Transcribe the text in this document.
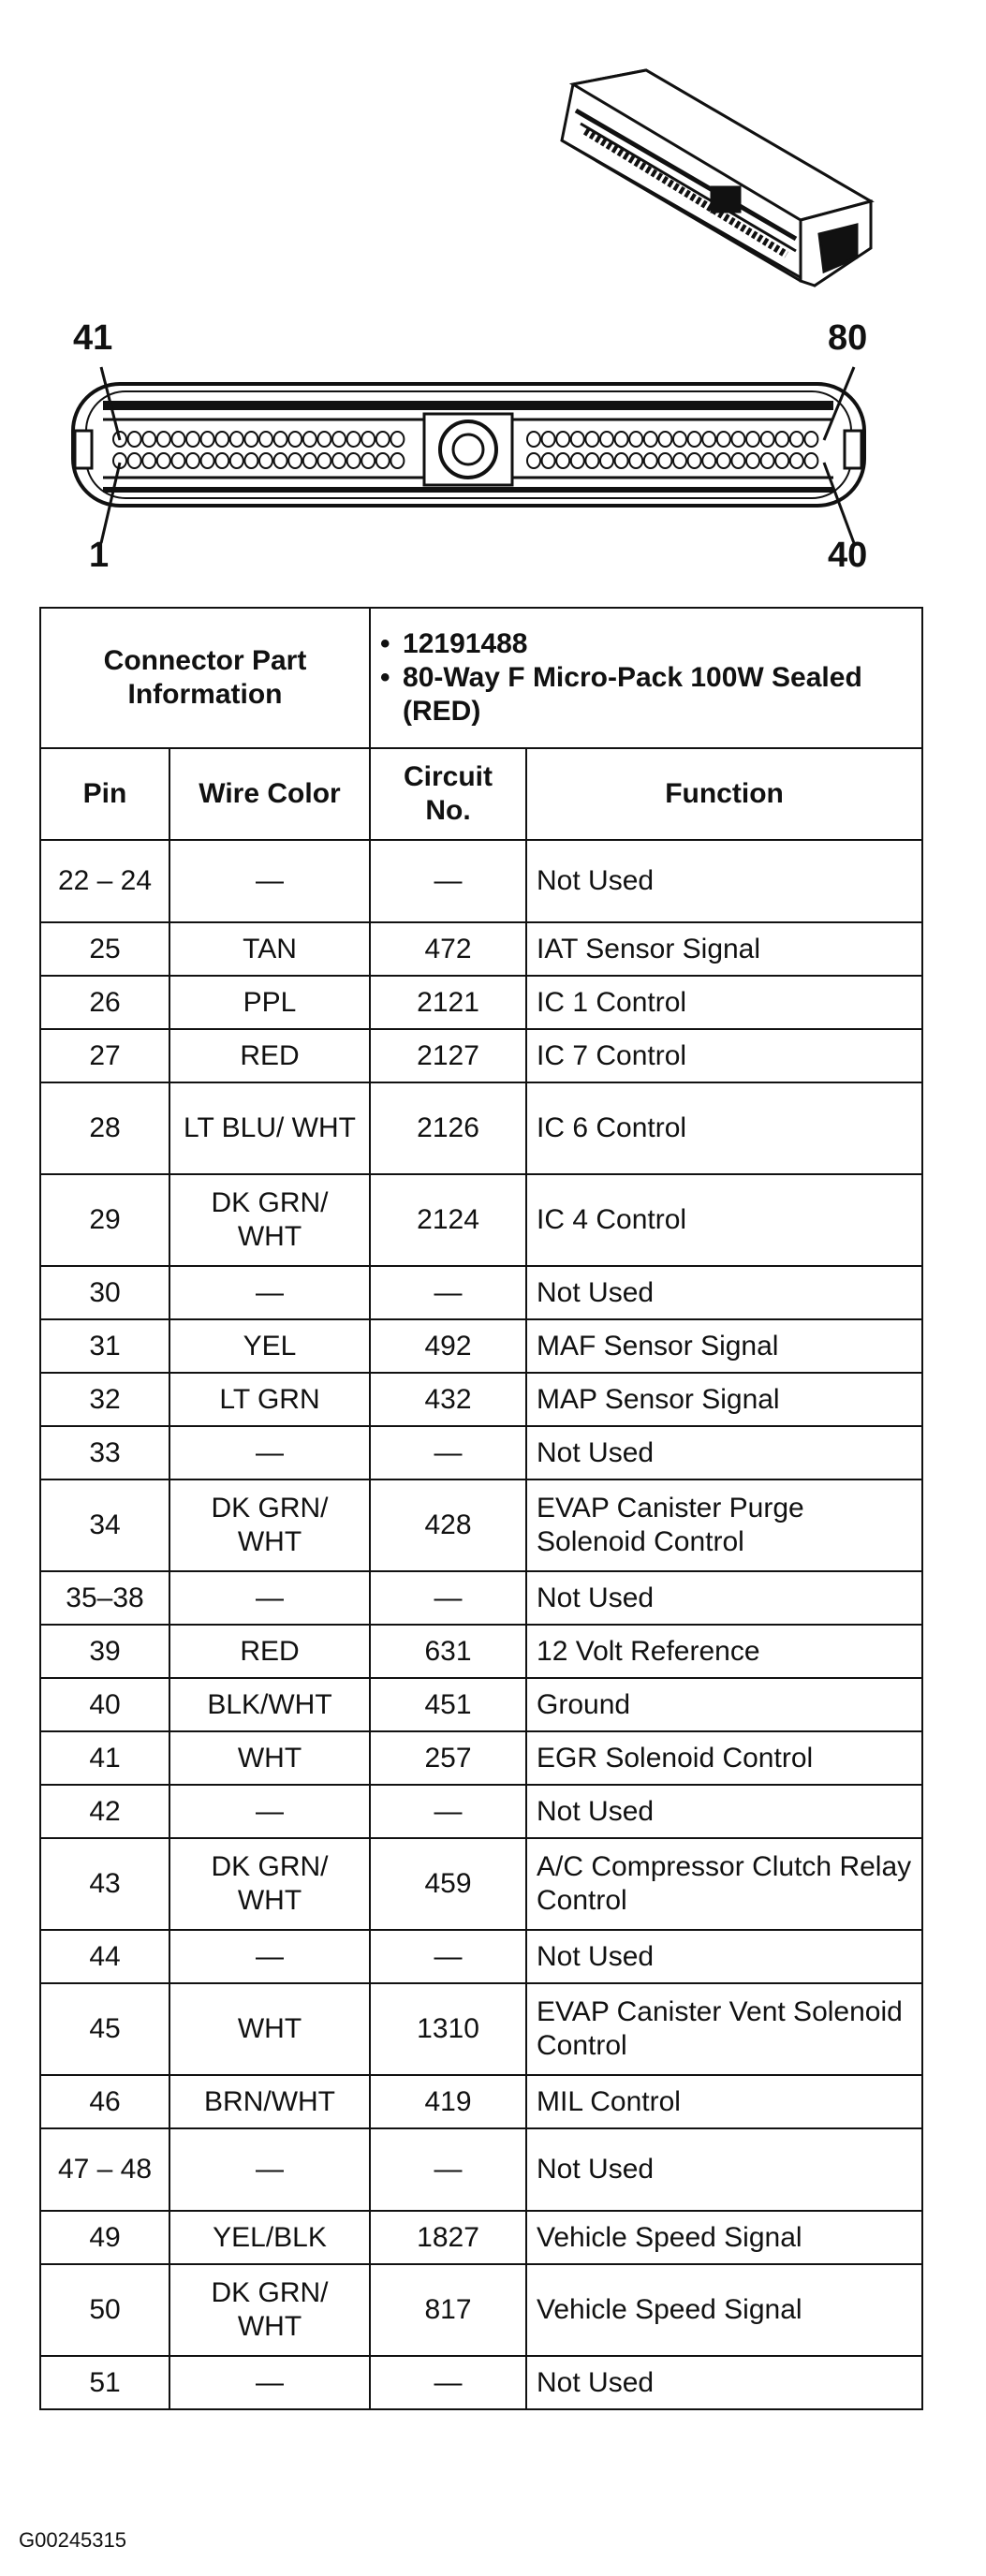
41	80
1	40
Connector Part Information		• 12191488
• 80-Way F Micro-Pack 100W Sealed (RED)

Pin	Wire Color	Circuit No.	Function
22 – 24	—	—	Not Used
25	TAN	472	IAT Sensor Signal
26	PPL	2121	IC 1 Control
27	RED	2127	IC 7 Control
28	LT BLU/ WHT	2126	IC 6 Control
29	DK GRN/ WHT	2124	IC 4 Control
30	—	—	Not Used
31	YEL	492	MAF Sensor Signal
32	LT GRN	432	MAP Sensor Signal
33	—	—	Not Used
34	DK GRN/ WHT	428	EVAP Canister Purge Solenoid Control
35–38	—	—	Not Used
39	RED	631	12 Volt Reference
40	BLK/WHT	451	Ground
41	WHT	257	EGR Solenoid Control
42	—	—	Not Used
43	DK GRN/ WHT	459	A/C Compressor Clutch Relay Control
44	—	—	Not Used
45	WHT	1310	EVAP Canister Vent Solenoid Control
46	BRN/WHT	419	MIL Control
47 – 48	—	—	Not Used
49	YEL/BLK	1827	Vehicle Speed Signal
50	DK GRN/ WHT	817	Vehicle Speed Signal
51	—	—	Not Used
G00245315
